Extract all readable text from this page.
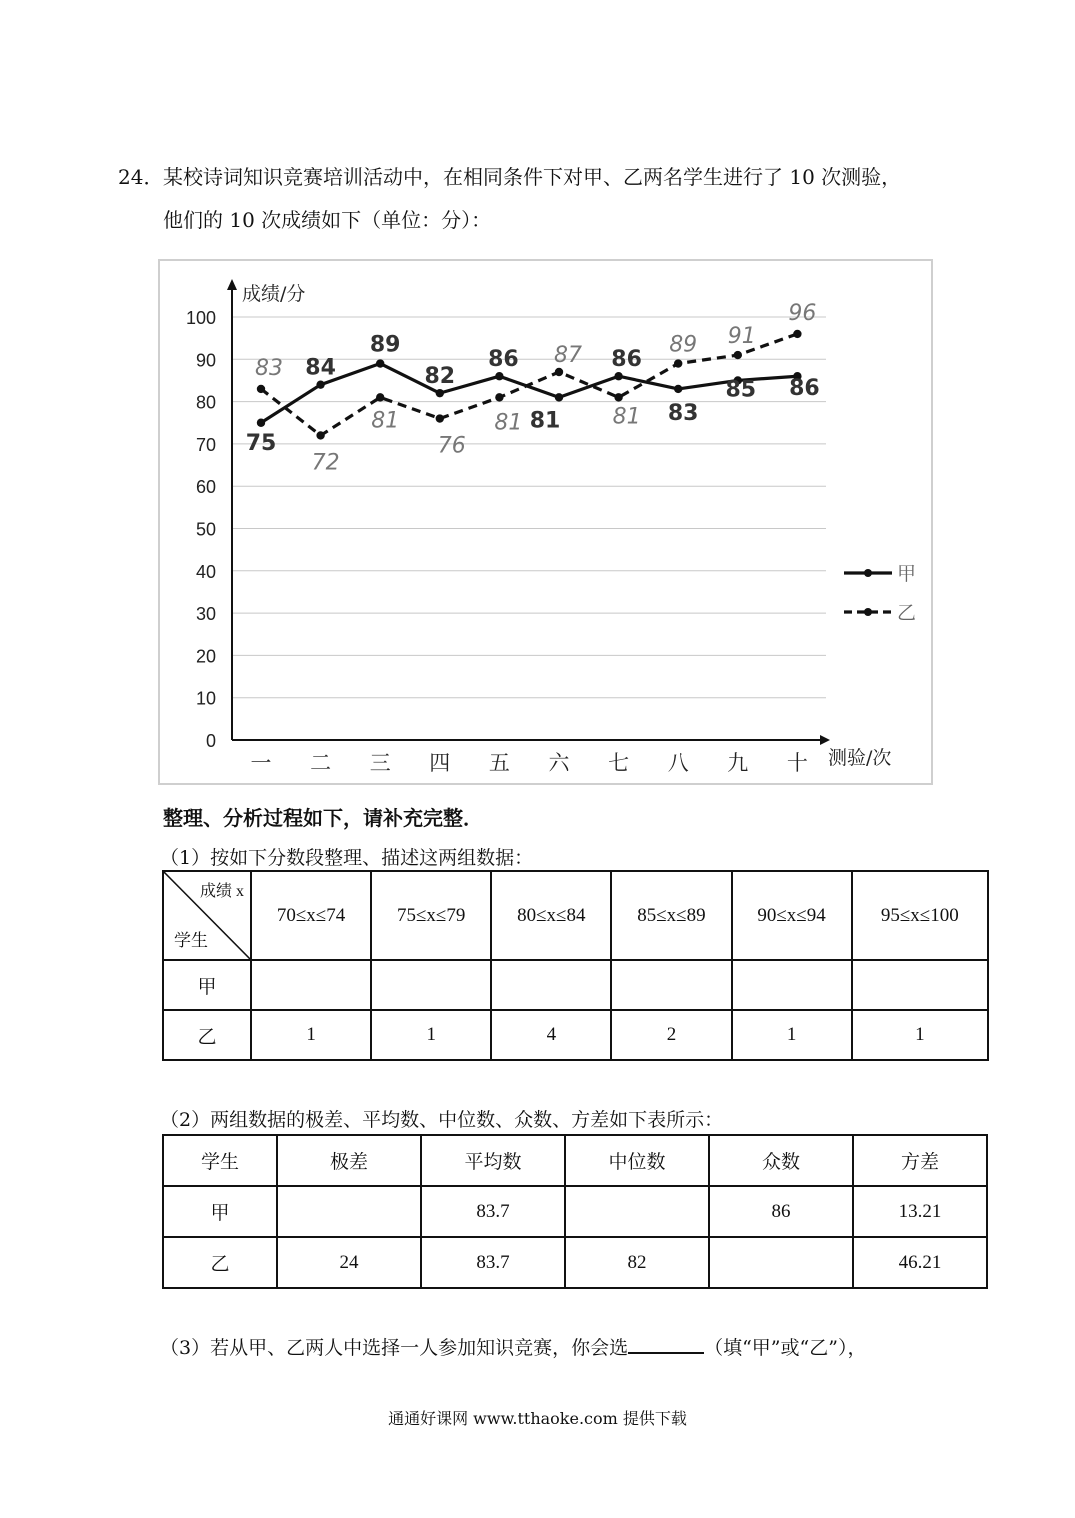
24． 某校诗词知识竞赛培训活动中，在相同条件下对甲、乙两名学生进行了 10 次测验，
他们的 10 次成绩如下（单位：分）：
0
10
20
30
40
50
60
70
80
90
100
成绩/分
测验/次
一 二 三 四 五 六 七 八 九 十
75
84
89
82
86
81
86
83
85 86
83
72
81
76
81
87
81
89 91
96
甲
乙
整理、分析过程如下，请补充完整．
（1）按如下分数段整理、描述这两组数据：
成绩 x
学生	70≤x≤74	75≤x≤79	80≤x≤84	85≤x≤89	90≤x≤94	95≤x≤100
甲						
乙	1	1	4	2	1	1
（2）两组数据的极差、平均数、中位数、众数、方差如下表所示：
学生	极差	平均数	中位数	众数	方差
甲		83.7		86	13.21
乙	24	83.7	82		46.21
（3）若从甲、乙两人中选择一人参加知识竞赛，你会选	（填“甲”或“乙”），
通通好课网 www.tthaoke.com 提供下载
